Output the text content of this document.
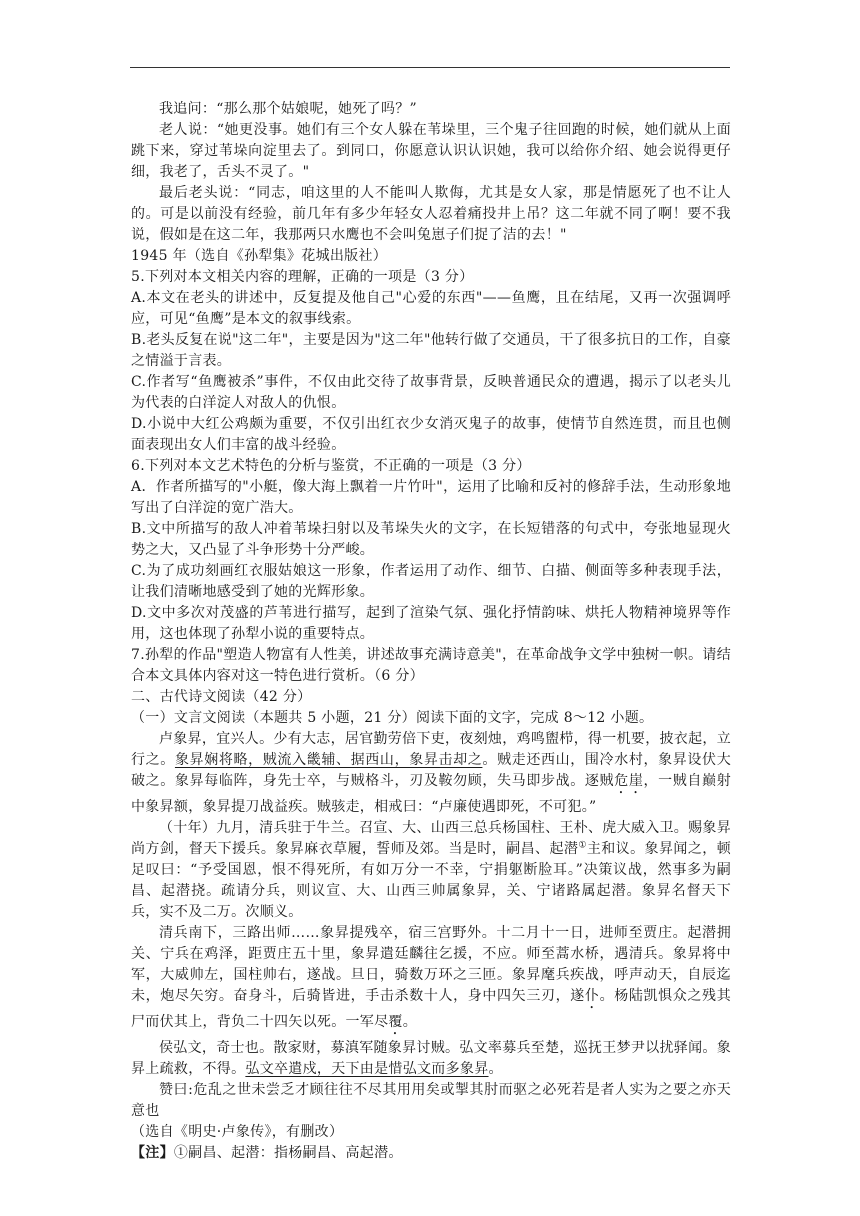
我追问：“那么那个姑娘呢，她死了吗？”

老人说：“她更没事。她们有三个女人躲在苇垛里，三个鬼子往回跑的时候，她们就从上面跳下来，穿过苇垛向淀里去了。到同口，你愿意认识认识她，我可以给你介绍、她会说得更仔细，我老了，舌头不灵了。"

最后老头说：“同志，咱这里的人不能叫人欺侮，尤其是女人家，那是情愿死了也不让人的。可是以前没有经验，前几年有多少年轻女人忍着痛投井上吊？这二年就不同了啊！要不我说，假如是在这二年，我那两只水鹰也不会叫兔崽子们捉了洁的去！"

1945 年（选自《孙犁集》花城出版社）

5.下列对本文相关内容的理解，正确的一项是（3 分）

A.本文在老头的讲述中，反复提及他自己"心爱的东西"——鱼鹰，且在结尾，又再一次强调呼应，可见“鱼鹰”是本文的叙事线索。

B.老头反复在说"这二年"，主要是因为"这二年"他转行做了交通员，干了很多抗日的工作，自豪之情溢于言表。

C.作者写“鱼鹰被杀”事件，不仅由此交待了故事背景，反映普通民众的遭遇，揭示了以老头儿为代表的白洋淀人对敌人的仇恨。

D.小说中大红公鸡颇为重要，不仅引出红衣少女消灭鬼子的故事，使情节自然连贯，而且也侧面表现出女人们丰富的战斗经验。

6.下列对本文艺术特色的分析与鉴赏，不正确的一项是（3 分）

A．作者所描写的"小艇，像大海上飘着一片竹叶"，运用了比喻和反衬的修辞手法，生动形象地写出了白洋淀的宽广浩大。

B.文中所描写的敌人冲着苇垛扫射以及苇垛失火的文字，在长短错落的句式中，夸张地显现火势之大，又凸显了斗争形势十分严峻。

C.为了成功刻画红衣服姑娘这一形象，作者运用了动作、细节、白描、侧面等多种表现手法，让我们清晰地感受到了她的光辉形象。

D.文中多次对茂盛的芦苇进行描写，起到了渲染气氛、强化抒情韵味、烘托人物精神境界等作用，这也体现了孙犁小说的重要特点。

7.孙犁的作品"塑造人物富有人性美，讲述故事充满诗意美"，在革命战争文学中独树一帜。请结合本文具体内容对这一特色进行赏析。（6 分）

二、古代诗文阅读（42 分）

（一）文言文阅读（本题共 5 小题，21 分）阅读下面的文字，完成 8～12 小题。

卢象昇，宜兴人。少有大志，居官勤劳倍下吏，夜刻烛，鸡鸣盥栉，得一机要，披衣起，立行之。象昇娴将略，贼流入畿辅、据西山，象昇击却之。贼走还西山，围冷水村，象昇设伏大破之。象昇每临阵，身先士卒，与贼格斗，刃及鞍勿顾，失马即步战。逐贼危崖，一贼自巅射中象昇额，象昇提刀战益疾。贼骇走，相戒曰：“卢廉使遇即死，不可犯。”

（十年）九月，清兵驻于牛兰。召宣、大、山西三总兵杨国柱、王朴、虎大威入卫。赐象昇尚方剑，督天下援兵。象昇麻衣草履，誓师及郊。当是时，嗣昌、起潜①主和议。象昇闻之，顿足叹曰：“予受国恩，恨不得死所，有如万分一不幸，宁捐躯断脸耳。”决策议战，然事多为嗣昌、起潜挠。疏请分兵，则议宣、大、山西三帅属象昇，关、宁诸路属起潜。象昇名督天下兵，实不及二万。次顺义。

清兵南下，三路出师……象昇提残卒，宿三宫野外。十二月十一日，进师至贾庄。起潜拥关、宁兵在鸡泽，距贾庄五十里，象昇遣廷麟往乞援，不应。师至蒿水桥，遇清兵。象昇将中军，大威帅左，国柱帅右，遂战。旦日，骑数万环之三匝。象昇麾兵疾战，呼声动天，自辰迄未，炮尽矢穷。奋身斗，后骑皆进，手击杀数十人，身中四矢三刃，遂仆。杨陆凯惧众之残其尸而伏其上，背负二十四矢以死。一军尽覆。

侯弘文，奇士也。散家财，募滇军随象昇讨贼。弘文率募兵至楚，巡抚王梦尹以扰驿闻。象昇上疏救，不得。弘文卒遣戍，天下由是惜弘文而多象昇。

赞曰:危乱之世未尝乏才顾往往不尽其用用矣或掣其肘而驱之必死若是者人实为之要之亦天意也

（选自《明史·卢象传》，有删改）

【注】①嗣昌、起潜：指杨嗣昌、高起潜。
